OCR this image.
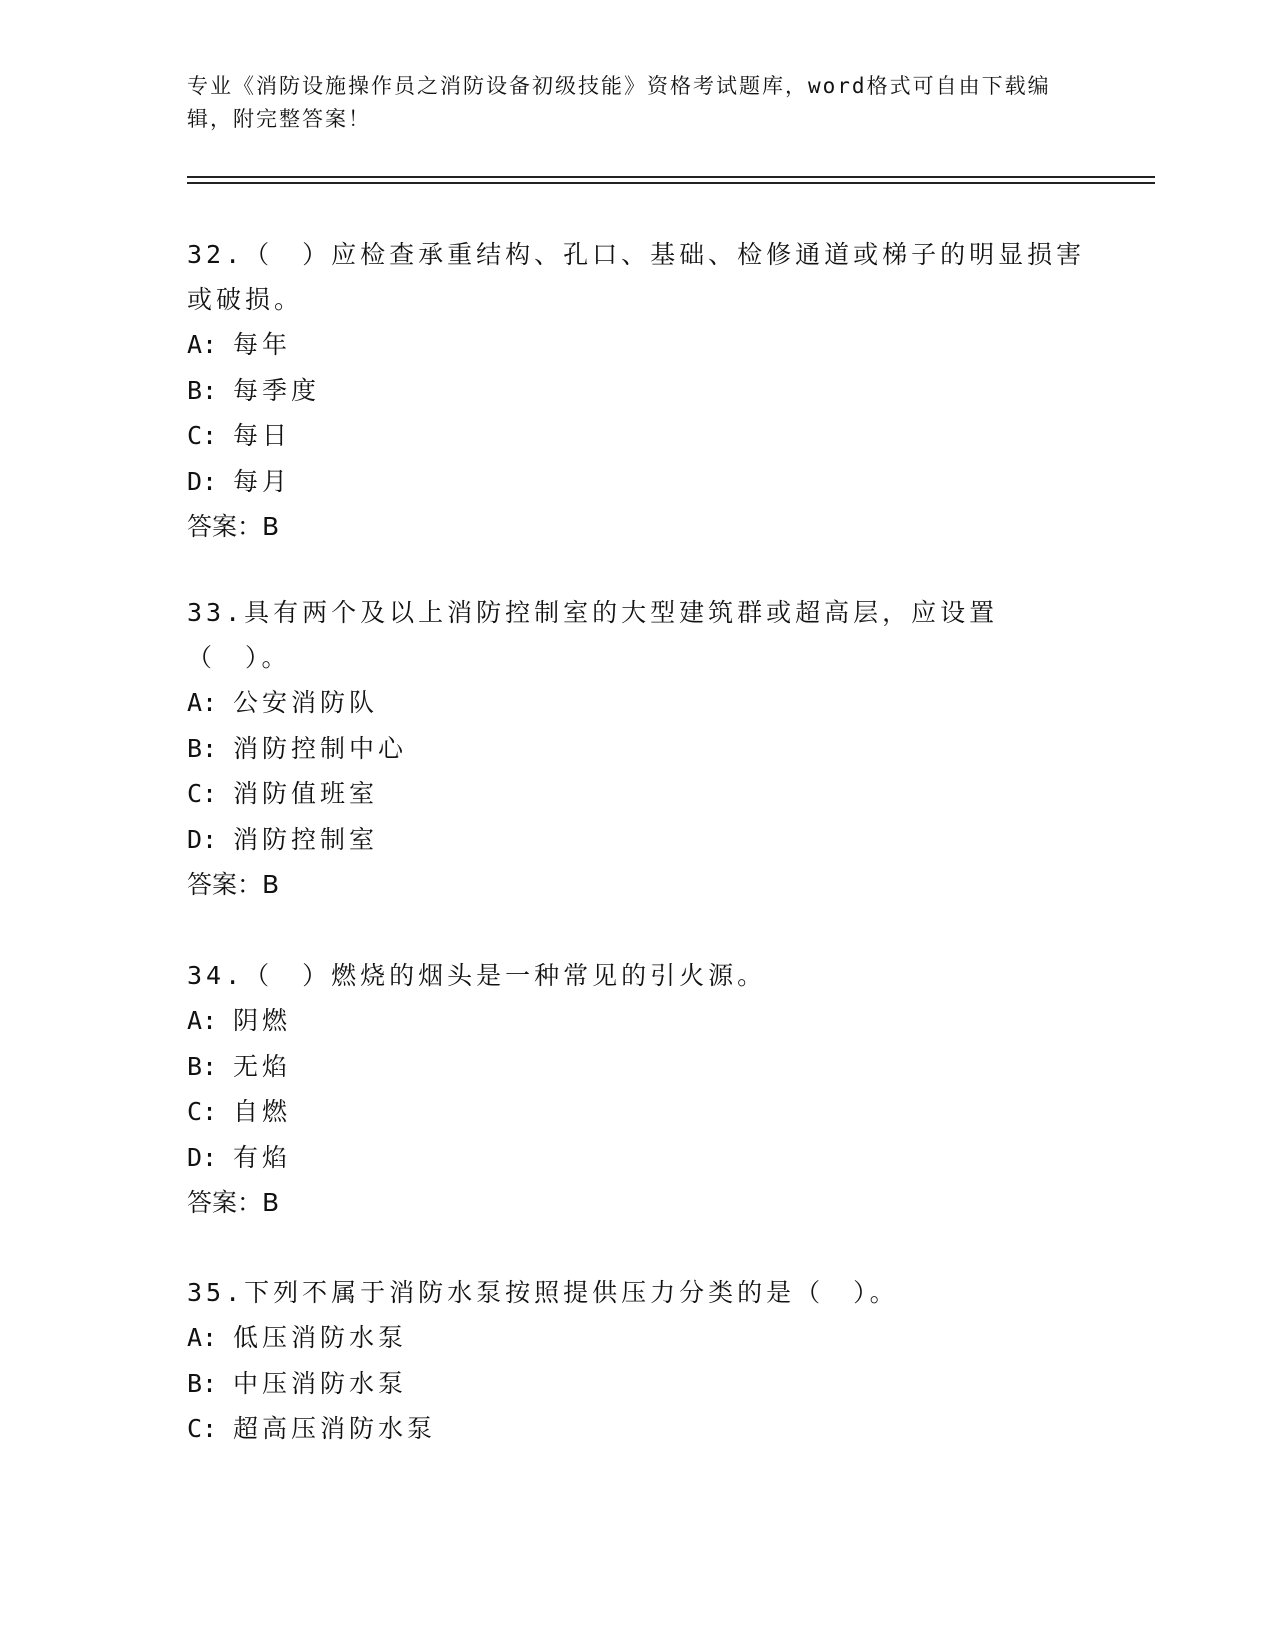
专业《消防设施操作员之消防设备初级技能》资格考试题库，word格式可自由下载编辑，附完整答案！

32.（　）应检查承重结构、孔口、基础、检修通道或梯子的明显损害或破损。

A: 每年

B: 每季度

C: 每日

D: 每月

答案：B

33.具有两个及以上消防控制室的大型建筑群或超高层，应设置（　）。

A: 公安消防队

B: 消防控制中心

C: 消防值班室

D: 消防控制室

答案：B

34.（　）燃烧的烟头是一种常见的引火源。

A: 阴燃

B: 无焰

C: 自燃

D: 有焰

答案：B

35.下列不属于消防水泵按照提供压力分类的是（　）。

A: 低压消防水泵

B: 中压消防水泵

C: 超高压消防水泵
